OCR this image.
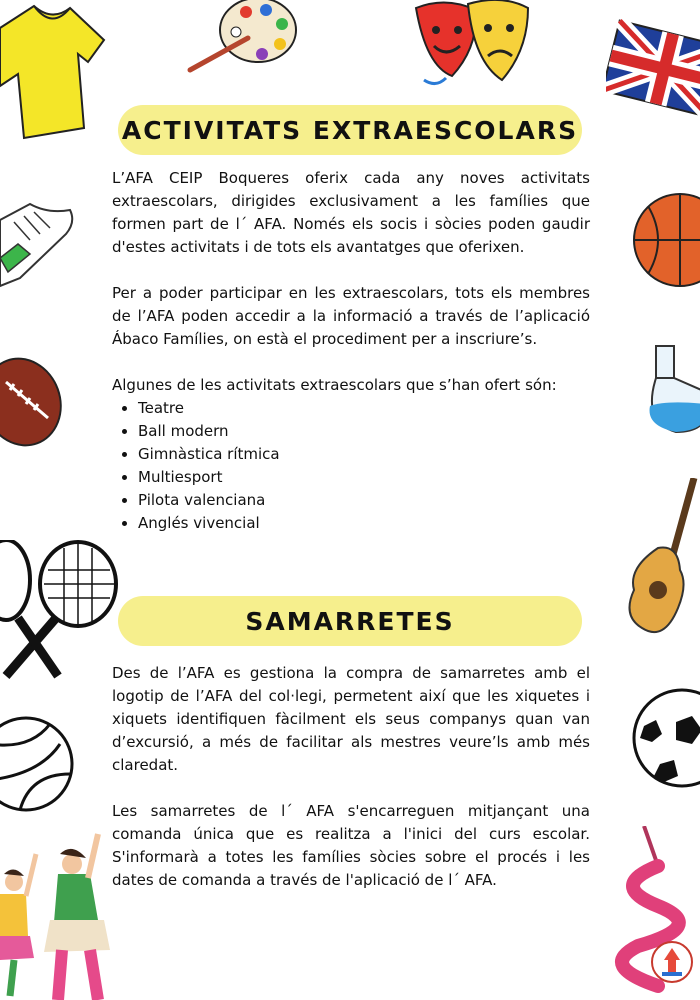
ACTIVITATS EXTRAESCOLARS

L’AFA CEIP Boqueres oferix cada any noves activitats extraescolars, dirigides exclusivament a les famílies que formen part de l´ AFA. Només els socis i sòcies poden gaudir d'estes activitats i de tots els avantatges que oferixen.

Per a poder participar en les extraescolars, tots els membres de l’AFA poden accedir a la informació a través de l’aplicació Ábaco Famílies, on està el procediment per a inscriure’s.

Algunes de les activitats extraescolars que s’han ofert són:

• Teatre
• Ball modern
• Gimnàstica rítmica
• Multiesport
• Pilota valenciana
• Anglés vivencial
SAMARRETES

Des de l’AFA es gestiona la compra de samarretes amb el logotip de l’AFA del col·legi, permetent així que les xiquetes i xiquets identifiquen fàcilment els seus companys quan van d’excursió, a més de facilitar als mestres veure’ls amb més claredat.

Les samarretes de l´ AFA s'encarreguen mitjançant una comanda única que es realitza a l'inici del curs escolar. S'informarà a totes les famílies sòcies sobre el procés i les dates de comanda a través de l'aplicació de l´ AFA.
